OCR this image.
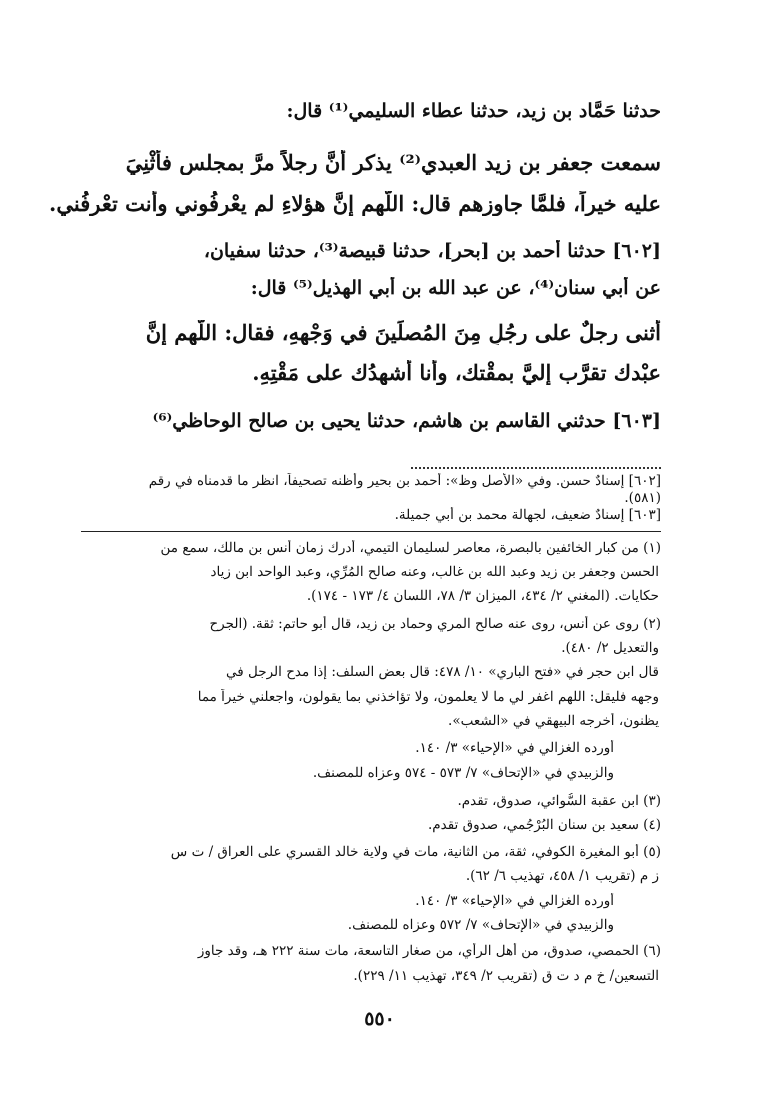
حدثنا حَمَّاد بن زيد، حدثنا عطاء السليمي⁽¹⁾ قال:
سمعت جعفر بن زيد العبدي⁽²⁾ يذكر أنَّ رجلاً مرَّ بمجلس فأثْنِيَ
عليه خيراً، فلمَّا جاوزهم قال: اللَّهم إنَّ هؤلاءِ لم يعْرِفُوني وأنت تعْرِفُني.
[٦٠٢] حدثنا أحمد بن [بحر]، حدثنا قبيصة⁽³⁾، حدثنا سفيان،
عن أبي سنان⁽⁴⁾، عن عبد الله بن أبي الهذيل⁽⁵⁾ قال:
أثنى رجلٌ على رجُلٍ مِنَ المُصلِّينَ في وَجْهِهِ، فقال: اللَّهم إنَّ
عبْدك تقرَّب إليَّ بمقْتك، وأنا أُشهِدُك على مَقْتِهِ.
[٦٠٣] حدثني القاسم بن هاشم، حدثنا يحيى بن صالح الوحاظي⁽⁶⁾
[٦٠٢] إسنادٌ حسن. وفي «الأصل وظ»: أحمد بن بحير وأظنه تصحيفاً، انظر ما قدمناه في رقم
(٥٨١).
[٦٠٣] إسنادٌ ضعيف، لجهالة محمد بن أبي جميلة.
(١) من كبار الخائفين بالبصرة، معاصر لسليمان التيمي، أدرك زمان أنس بن مالك، سمع من
الحسن وجعفر بن زيد وعبد الله بن غالب، وعنه صالح المُرِّي، وعبد الواحد ابن زياد
حكايات. (المغني ٢/ ٤٣٤، الميزان ٣/ ٧٨، اللسان ٤/ ١٧٣ - ١٧٤).
(٢) روى عن أنس، روى عنه صالح المري وحماد بن زيد، قال أبو حاتم: ثقة. (الجرح
والتعديل ٢/ ٤٨٠).
قال ابن حجر في «فتح الباري» ١٠/ ٤٧٨: قال بعض السلف: إذا مدح الرجل في
وجهه فليقل: اللهم اغفر لي ما لا يعلمون، ولا تؤاخذني بما يقولون، واجعلني خيراً مما
يظنون، أخرجه البيهقي في «الشعب».
أورده الغزالي في «الإحياء» ٣/ ١٤٠.
والزبيدي في «الإتحاف» ٧/ ٥٧٣ - ٥٧٤ وعزاه للمصنف.
(٣) ابن عقبة السُّوائي، صدوق، تقدم.
(٤) سعيد بن سنان البُرْجُمي، صدوق تقدم.
(٥) أبو المغيرة الكوفي، ثقة، من الثانية، مات في ولاية خالد القسري على العراق / ت س
ز م (تقريب ١/ ٤٥٨، تهذيب ٦/ ٦٢).
أورده الغزالي في «الإحياء» ٣/ ١٤٠.
والزبيدي في «الإتحاف» ٧/ ٥٧٢ وعزاه للمصنف.
(٦) الحمصي، صدوق، من أهل الرأي، من صغار التاسعة، مات سنة ٢٢٢ هـ، وقد جاوز
التسعين/ خ م د ت ق (تقريب ٢/ ٣٤٩، تهذيب ١١/ ٢٢٩).
٥٥٠
